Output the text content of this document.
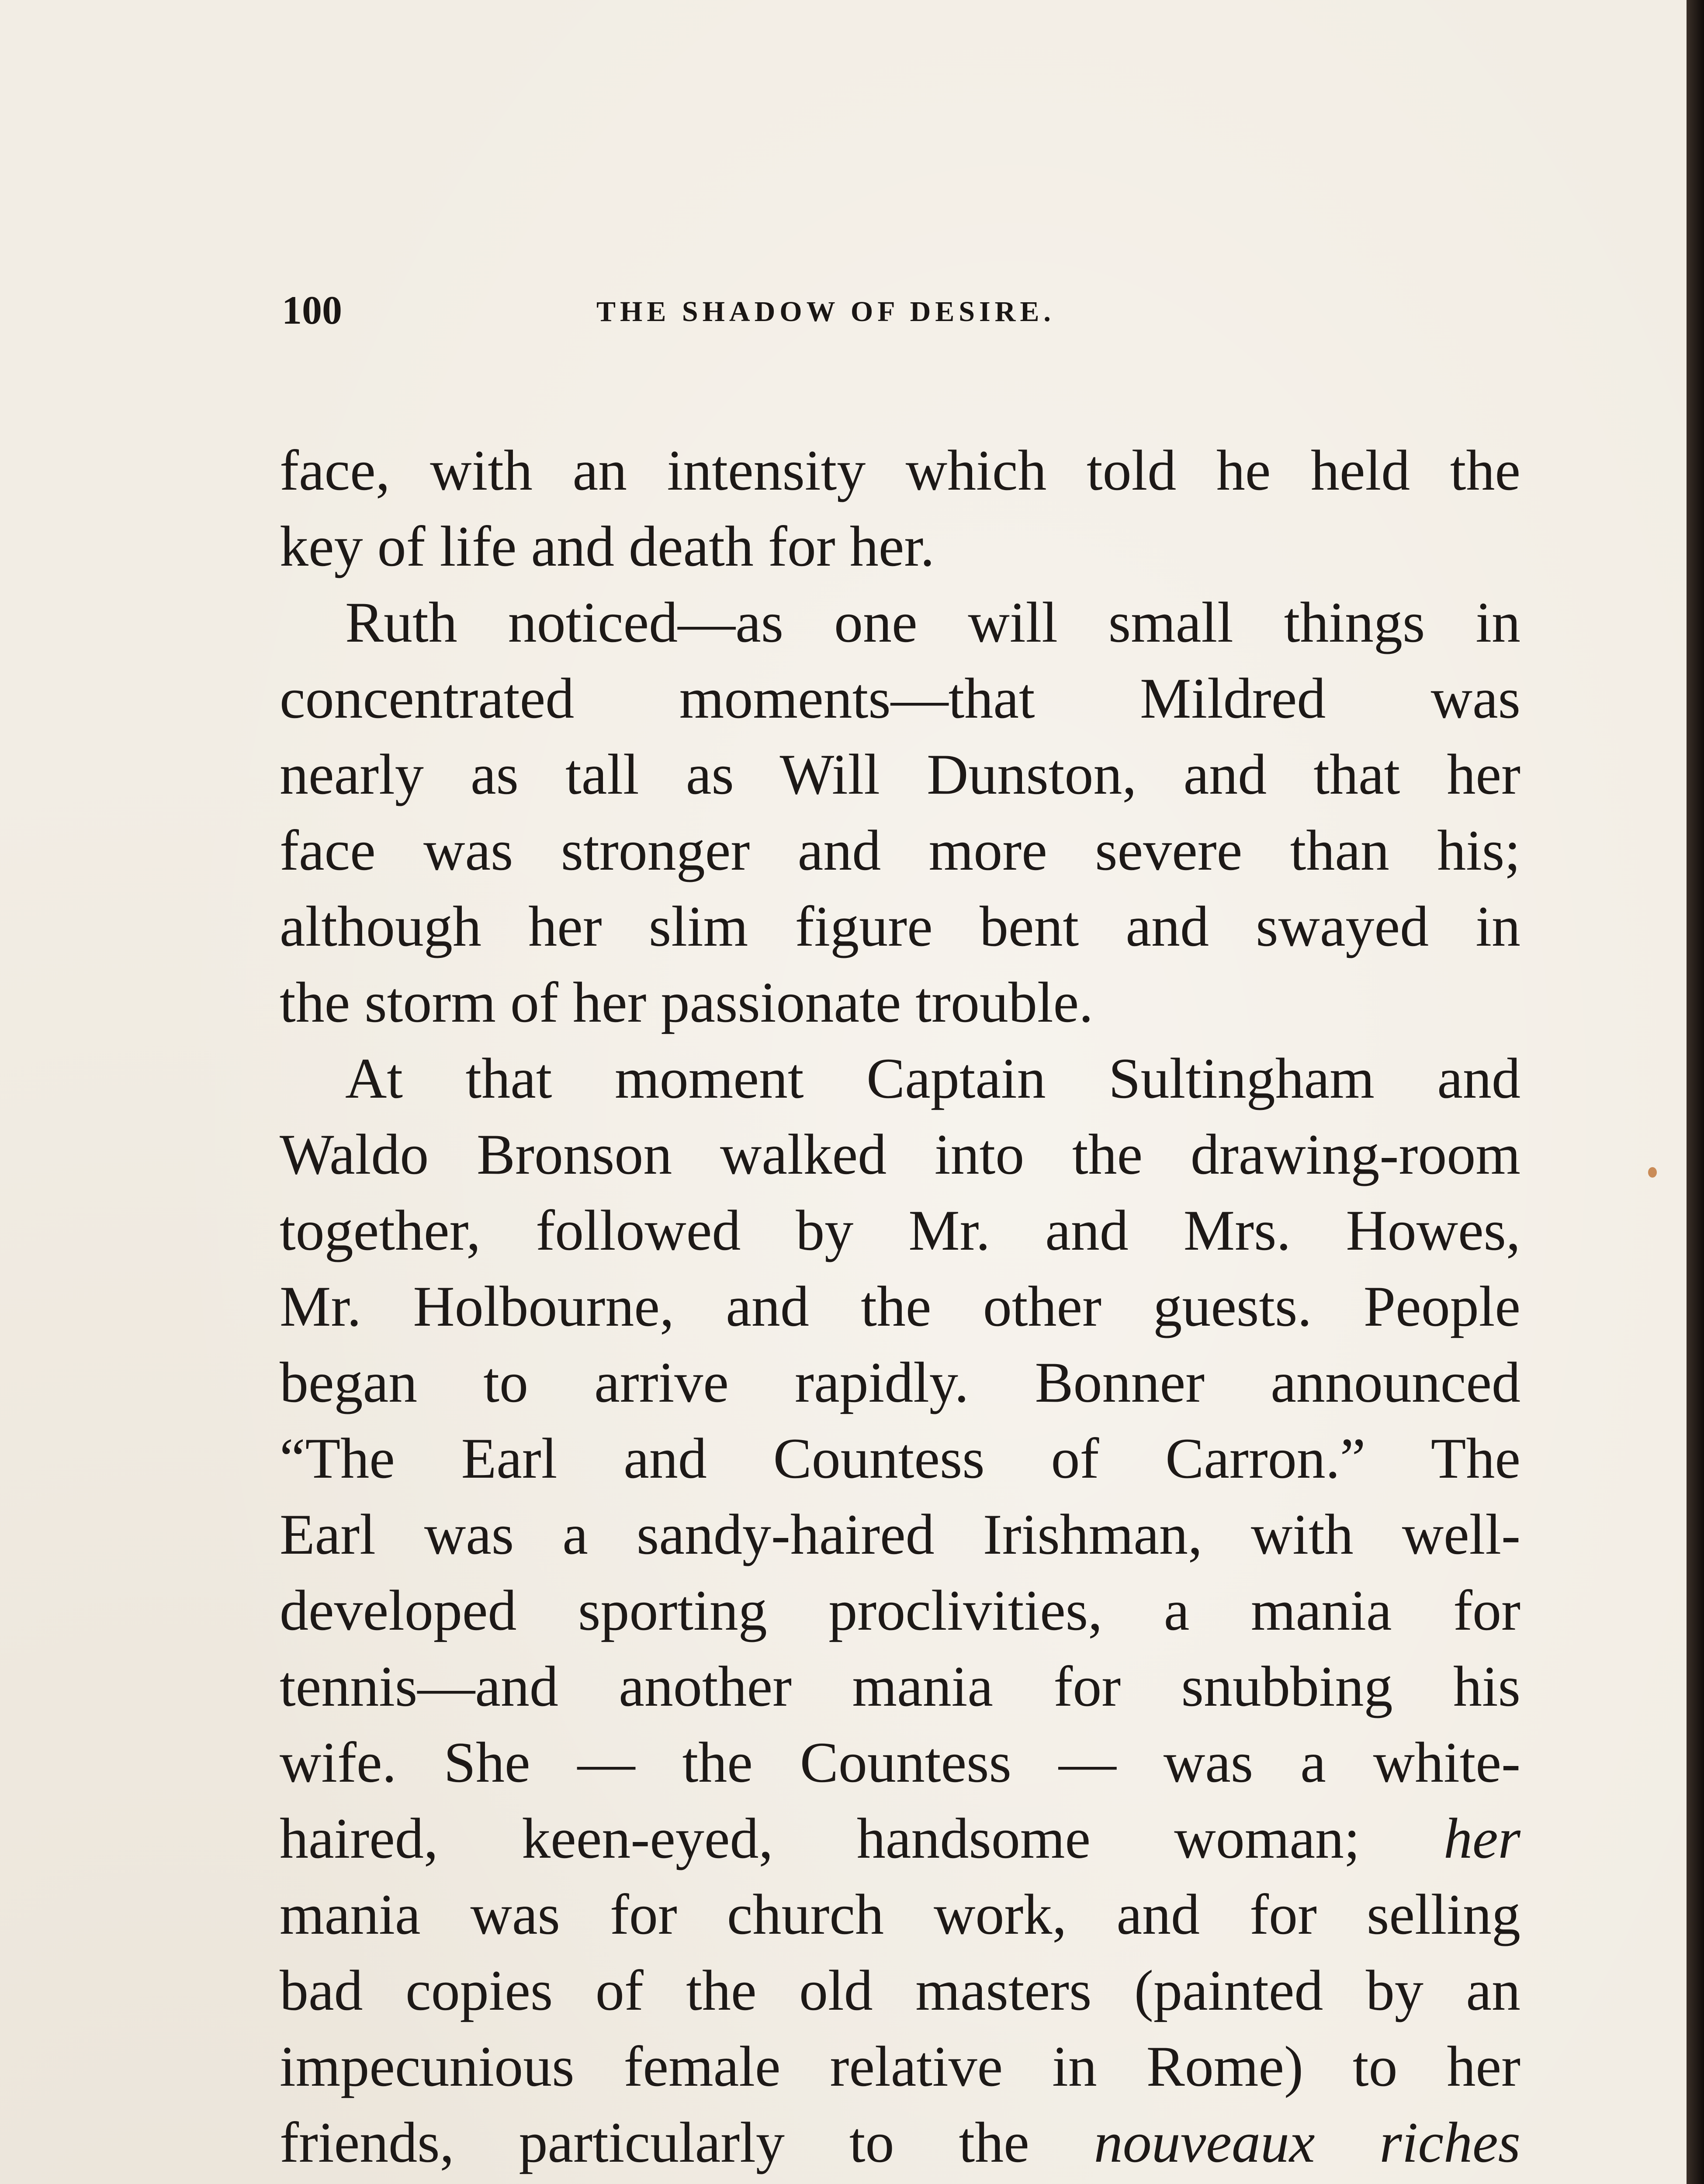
100	THE SHADOW OF DESIRE.
face, with an intensity which told he held the
key of life and death for her.
Ruth noticed—as one will small things in
concentrated moments—that Mildred was
nearly as tall as Will Dunston, and that her
face was stronger and more severe than his;
although her slim figure bent and swayed in
the storm of her passionate trouble.
At that moment Captain Sultingham and
Waldo Bronson walked into the drawing-room
together, followed by Mr. and Mrs. Howes,
Mr. Holbourne, and the other guests. People
began to arrive rapidly. Bonner announced
“The Earl and Countess of Carron.” The
Earl was a sandy-haired Irishman, with well-
developed sporting proclivities, a mania for
tennis—and another mania for snubbing his
wife. She — the Countess — was a white-
haired, keen-eyed, handsome woman; her
mania was for church work, and for selling
bad copies of the old masters (painted by an
impecunious female relative in Rome) to her
friends, particularly to the nouveaux riches
